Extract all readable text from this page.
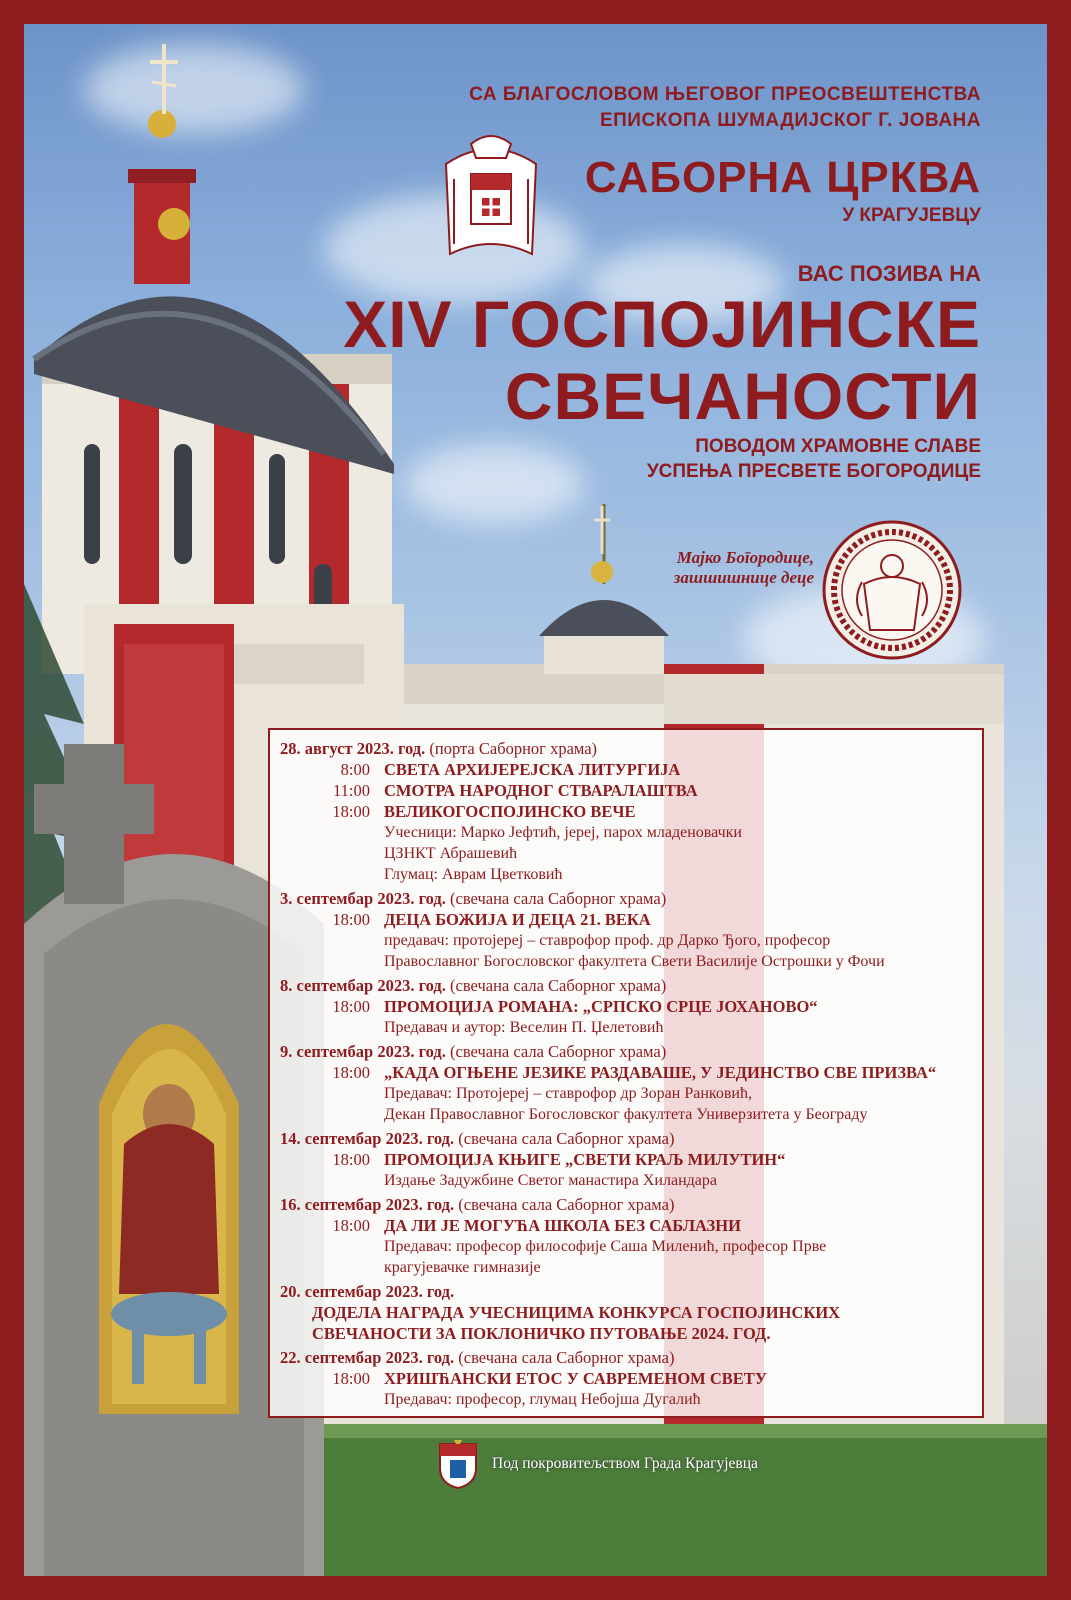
СА БЛАГОСЛОВОМ ЊЕГОВОГ ПРЕОСВЕШТЕНСТВА
ЕПИСКОПА ШУМАДИЈСКОГ Г. ЈОВАНА
САБОРНА ЦРКВА
У КРАГУЈЕВЦУ
ВАС ПОЗИВА НА
XIV ГОСПОЈИНСКЕ
СВЕЧАНОСТИ
ПОВОДОМ ХРАМОВНЕ СЛАВЕ
УСПЕЊА ПРЕСВЕТЕ БОГОРОДИЦЕ
Мајко Боīородице,
зашшишнице деце
28. август 2023. год. (порта Саборног храма)
8:00 СВЕТА АРХИЈЕРЕЈСКА ЛИТУРГИЈА
11:00 СМОТРА НАРОДНОГ СТВАРАЛАШТВА
18:00 ВЕЛИКОГОСПОЈИНСКО ВЕЧЕ
Учесници: Марко Јефтић, јереј, парох младеновачки
ЦЗНКТ Абрашевић
Глумац: Аврам Цветковић
3. септембар 2023. год. (свечана сала Саборног храма)
18:00 ДЕЦА БОЖИЈА И ДЕЦА 21. ВЕКА
предавач: протојереј – ставрофор проф. др Дарко Ђого, професор
Православног Богословског факултета Свети Василије Острошки у Фочи
8. септембар 2023. год. (свечана сала Саборног храма)
18:00 ПРОМОЦИЈА РОМАНА: „СРПСКО СРЦЕ ЈОХАНОВО“
Предавач и аутор: Веселин П. Џелетовић
9. септембар 2023. год. (свечана сала Саборног храма)
18:00 „КАДА ОГЊЕНЕ ЈЕЗИКЕ РАЗДАВАШЕ, У ЈЕДИНСТВО СВЕ ПРИЗВА“
Предавач: Протојереј – ставрофор др Зоран Ранковић,
Декан Православног Богословског факултета Универзитета у Београду
14. септембар 2023. год. (свечана сала Саборног храма)
18:00 ПРОМОЦИЈА КЊИГЕ „СВЕТИ КРАЉ МИЛУТИН“
Издање Задужбине Светог манастира Хиландара
16. септембар 2023. год. (свечана сала Саборног храма)
18:00 ДА ЛИ ЈЕ МОГУЋА ШКОЛА БЕЗ САБЛАЗНИ
Предавач: професор философије Саша Миленић, професор Прве
крагујевачке гимназије
20. септембар 2023. год.
ДОДЕЛА НАГРАДА УЧЕСНИЦИМА КОНКУРСА ГОСПОЈИНСКИХ
СВЕЧАНОСТИ ЗА ПОКЛОНИЧКО ПУТОВАЊЕ 2024. ГОД.
22. септембар 2023. год. (свечана сала Саборног храма)
18:00 ХРИШЋАНСКИ ЕТОС У САВРЕМЕНОМ СВЕТУ
Предавач: професор, глумац Небојша Дугалић
Под покровитељством Града Крагујевца
